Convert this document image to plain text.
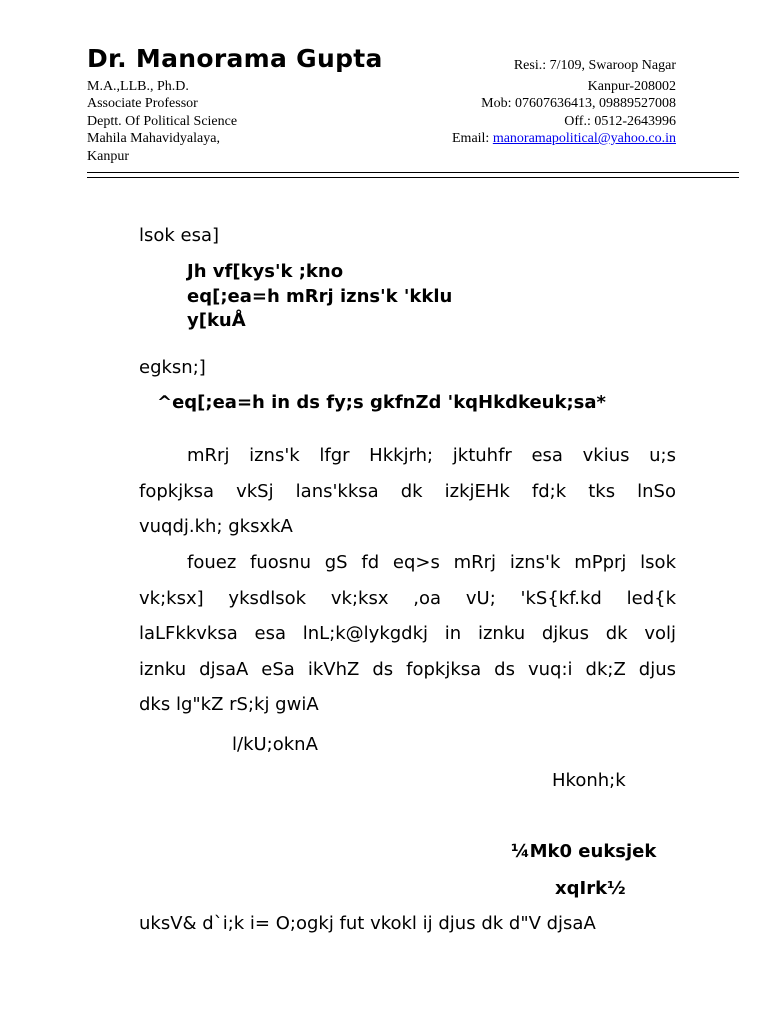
Dr. Manorama Gupta
M.A.,LLB., Ph.D.
Associate Professor
Deptt. Of Political Science
Mahila Mahavidyalaya,
Kanpur
Resi.: 7/109, Swaroop Nagar
Kanpur-208002
Mob: 07607636413, 09889527008
Off.: 0512-2643996
Email: manoramapolitical@yahoo.co.in
lsok esa]
Jh vf[kys'k ;kno
eq[;ea=h mRrj izns'k 'kklu
y[kuÅ
egksn;]
^eq[;ea=h in ds fy;s gkfnZd 'kqHkdkeuk;sa*
mRrj izns'k lfgr Hkkjrh; jktuhfr esa vkius u;s
fopkjksa vkSj lans'kksa dk izkjEHk fd;k tks lnSo
vuqdj.kh; gksxkA
fouez fuosnu gS fd eq>s mRrj izns'k mPprj lsok
vk;ksx] yksdlsok vk;ksx ,oa vU; 'kS{kf.kd led{k
laLFkkvksa esa lnL;k@lykgdkj in iznku djkus dk volj
iznku djsaA eSa ikVhZ ds fopkjksa ds vuq:i dk;Z djus
dks lg"kZ rS;kj gwiA
l/kU;oknA
Hkonh;k
¼Mk0 euksjek
xqIrk½
uksV& d`i;k i= O;ogkj fut vkokl ij djus dk d"V djsaA
